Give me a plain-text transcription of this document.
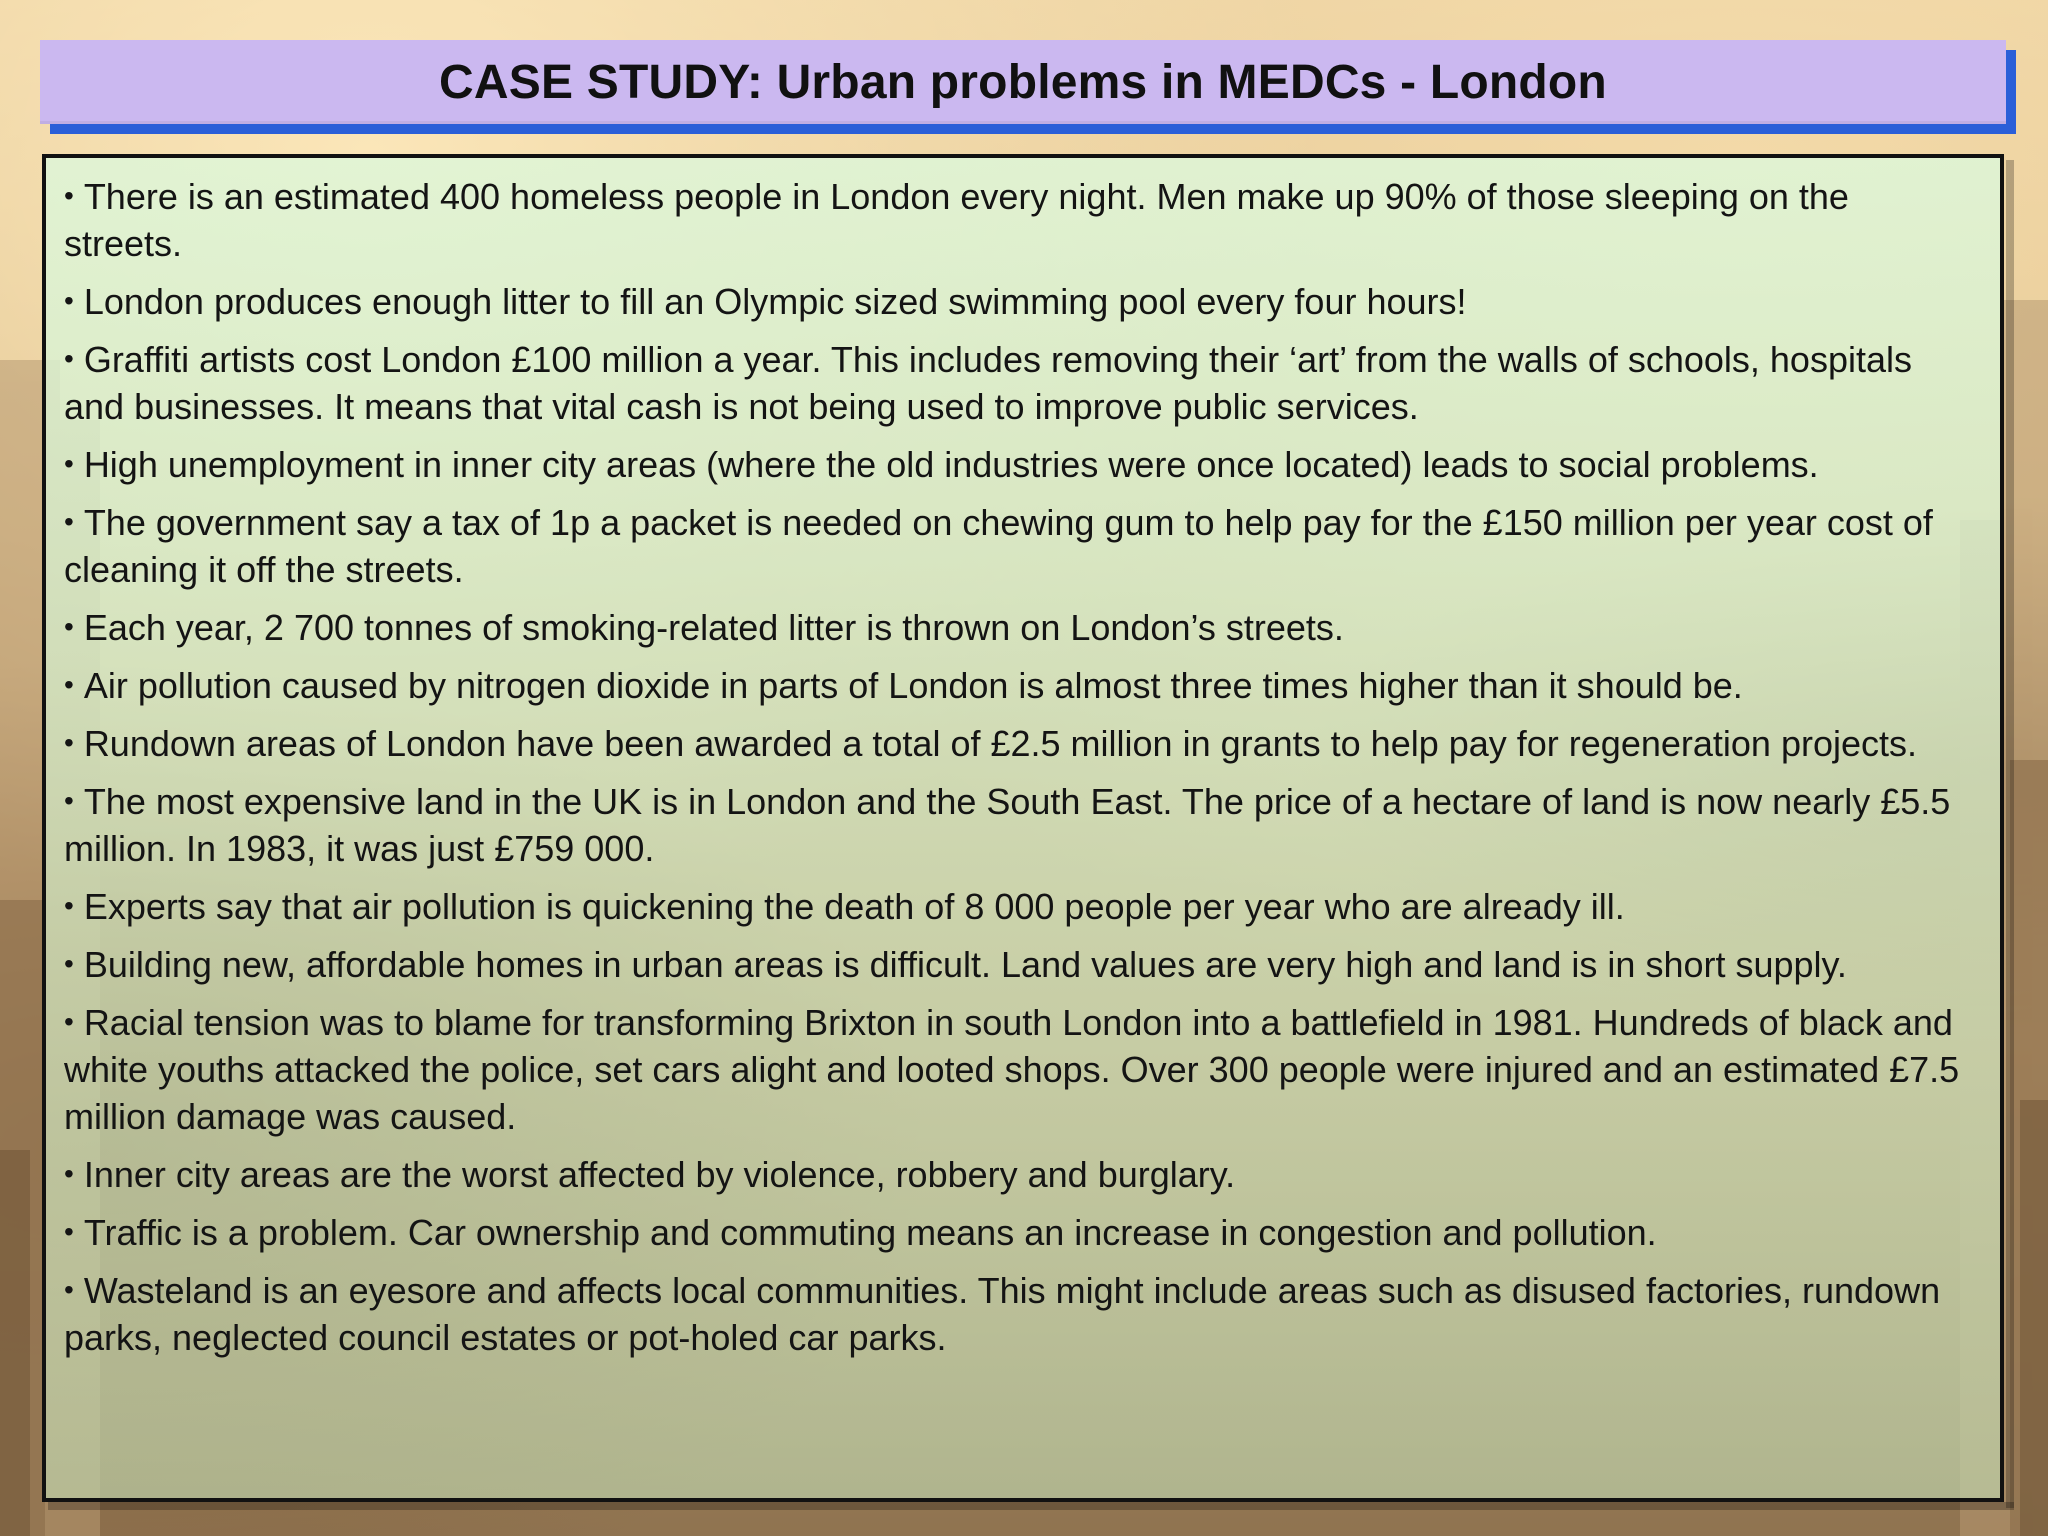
CASE STUDY: Urban problems in MEDCs - London
• There is an estimated 400 homeless people in London every night. Men make up 90% of those sleeping on the streets.
• London produces enough litter to fill an Olympic sized swimming pool every four hours!
• Graffiti artists cost London £100 million a year. This includes removing their ‘art’ from the walls of schools, hospitals and businesses. It means that vital cash is not being used to improve public services.
• High unemployment in inner city areas (where the old industries were once located) leads to social problems.
• The government say a tax of 1p a packet is needed on chewing gum to help pay for the £150 million per year cost of cleaning it off the streets.
• Each year, 2 700 tonnes of smoking-related litter is thrown on London’s streets.
• Air pollution caused by nitrogen dioxide in parts of London is almost three times higher than it should be.
• Rundown areas of London have been awarded a total of £2.5 million in grants to help pay for regeneration projects.
• The most expensive land in the UK is in London and the South East. The price of a hectare of land is now nearly £5.5 million. In 1983, it was just £759 000.
• Experts say that air pollution is quickening the death of 8 000 people per year who are already ill.
• Building new, affordable homes in urban areas is difficult. Land values are very high and land is in short supply.
• Racial tension was to blame for transforming Brixton in south London into a battlefield in 1981. Hundreds of black and white youths attacked the police, set cars alight and looted shops. Over 300 people were injured and an estimated £7.5 million damage was caused.
• Inner city areas are the worst affected by violence, robbery and burglary.
• Traffic is a problem. Car ownership and commuting means an increase in congestion and pollution.
• Wasteland is an eyesore and affects local communities. This might include areas such as disused factories, rundown parks, neglected council estates or pot-holed car parks.
